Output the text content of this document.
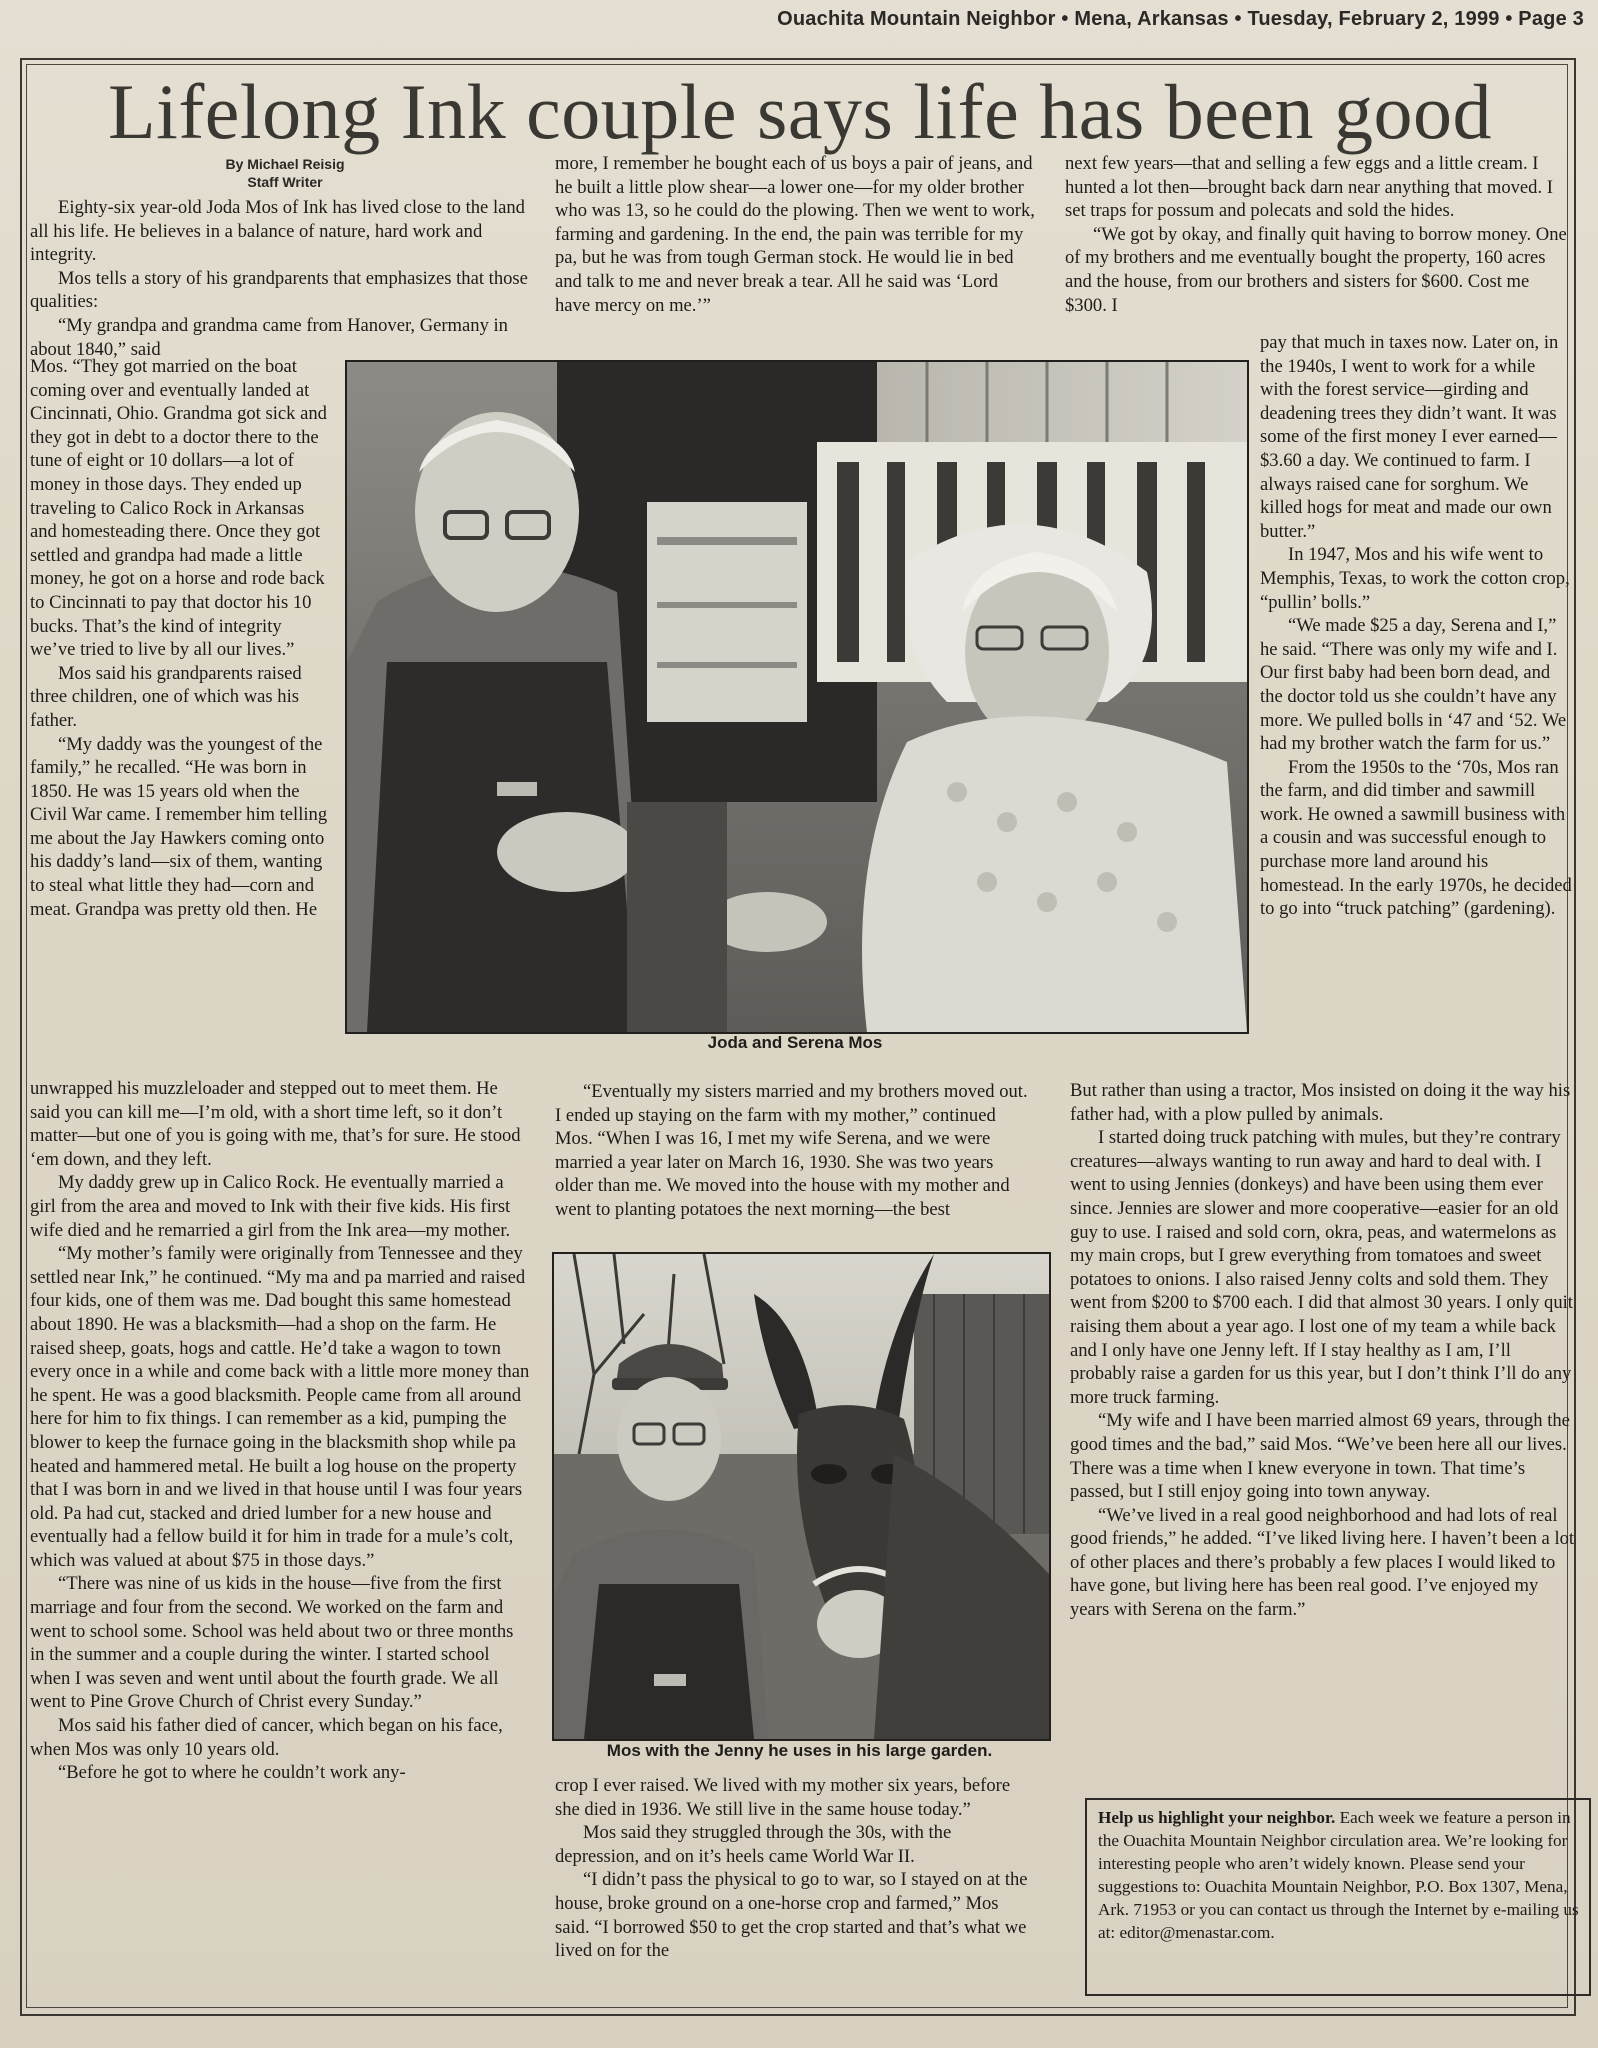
Ouachita Mountain Neighbor • Mena, Arkansas • Tuesday, February 2, 1999 • Page 3
Lifelong Ink couple says life has been good
By Michael Reisig
Staff Writer

Eighty-six year-old Joda Mos of Ink has lived close to the land all his life. He believes in a balance of nature, hard work and integrity.

Mos tells a story of his grandparents that emphasizes that those qualities:

“My grandpa and grandma came from Hanover, Germany in about 1840,” said

Mos. “They got married on the boat coming over and eventually landed at Cincinnati, Ohio. Grandma got sick and they got in debt to a doctor there to the tune of eight or 10 dollars—a lot of money in those days. They ended up traveling to Calico Rock in Arkansas and homesteading there. Once they got settled and grandpa had made a little money, he got on a horse and rode back to Cincinnati to pay that doctor his 10 bucks. That’s the kind of integrity we’ve tried to live by all our lives.”

Mos said his grandparents raised three children, one of which was his father.

“My daddy was the youngest of the family,” he recalled. “He was born in 1850. He was 15 years old when the Civil War came. I remember him telling me about the Jay Hawkers coming onto his daddy’s land—six of them, wanting to steal what little they had—corn and meat. Grandpa was pretty old then. He

unwrapped his muzzleloader and stepped out to meet them. He said you can kill me—I’m old, with a short time left, so it don’t matter—but one of you is going with me, that’s for sure. He stood ‘em down, and they left.

My daddy grew up in Calico Rock. He eventually married a girl from the area and moved to Ink with their five kids. His first wife died and he remarried a girl from the Ink area—my mother.

“My mother’s family were originally from Tennessee and they settled near Ink,” he continued. “My ma and pa married and raised four kids, one of them was me. Dad bought this same homestead about 1890. He was a blacksmith—had a shop on the farm. He raised sheep, goats, hogs and cattle. He’d take a wagon to town every once in a while and come back with a little more money than he spent. He was a good blacksmith. People came from all around here for him to fix things. I can remember as a kid, pumping the blower to keep the furnace going in the blacksmith shop while pa heated and hammered metal. He built a log house on the property that I was born in and we lived in that house until I was four years old. Pa had cut, stacked and dried lumber for a new house and eventually had a fellow build it for him in trade for a mule’s colt, which was valued at about $75 in those days.”

“There was nine of us kids in the house—five from the first marriage and four from the second. We worked on the farm and went to school some. School was held about two or three months in the summer and a couple during the winter. I started school when I was seven and went until about the fourth grade. We all went to Pine Grove Church of Christ every Sunday.”

Mos said his father died of cancer, which began on his face, when Mos was only 10 years old.

“Before he got to where he couldn’t work any-

more, I remember he bought each of us boys a pair of jeans, and he built a little plow shear—a lower one—for my older brother who was 13, so he could do the plowing. Then we went to work, farming and gardening. In the end, the pain was terrible for my pa, but he was from tough German stock. He would lie in bed and talk to me and never break a tear. All he said was ‘Lord have mercy on me.’”

“Eventually my sisters married and my brothers moved out. I ended up staying on the farm with my mother,” continued Mos. “When I was 16, I met my wife Serena, and we were married a year later on March 16, 1930. She was two years older than me. We moved into the house with my mother and went to planting potatoes the next morning—the best

crop I ever raised. We lived with my mother six years, before she died in 1936. We still live in the same house today.”

Mos said they struggled through the 30s, with the depression, and on it’s heels came World War II.

“I didn’t pass the physical to go to war, so I stayed on at the house, broke ground on a one-horse crop and farmed,” Mos said. “I borrowed $50 to get the crop started and that’s what we lived on for the

next few years—that and selling a few eggs and a little cream. I hunted a lot then—brought back darn near anything that moved. I set traps for possum and polecats and sold the hides.

“We got by okay, and finally quit having to borrow money. One of my brothers and me eventually bought the property, 160 acres and the house, from our brothers and sisters for $600. Cost me $300. I

pay that much in taxes now. Later on, in the 1940s, I went to work for a while with the forest service—girding and deadening trees they didn’t want. It was some of the first money I ever earned—$3.60 a day. We continued to farm. I always raised cane for sorghum. We killed hogs for meat and made our own butter.”

In 1947, Mos and his wife went to Memphis, Texas, to work the cotton crop, “pullin’ bolls.”

“We made $25 a day, Serena and I,” he said. “There was only my wife and I. Our first baby had been born dead, and the doctor told us she couldn’t have any more. We pulled bolls in ‘47 and ‘52. We had my brother watch the farm for us.”

From the 1950s to the ‘70s, Mos ran the farm, and did timber and sawmill work. He owned a sawmill business with a cousin and was successful enough to purchase more land around his homestead. In the early 1970s, he decided to go into “truck patching” (gardening).

But rather than using a tractor, Mos insisted on doing it the way his father had, with a plow pulled by animals.

I started doing truck patching with mules, but they’re contrary creatures—always wanting to run away and hard to deal with. I went to using Jennies (donkeys) and have been using them ever since. Jennies are slower and more cooperative—easier for an old guy to use. I raised and sold corn, okra, peas, and watermelons as my main crops, but I grew everything from tomatoes and sweet potatoes to onions. I also raised Jenny colts and sold them. They went from $200 to $700 each. I did that almost 30 years. I only quit raising them about a year ago. I lost one of my team a while back and I only have one Jenny left. If I stay healthy as I am, I’ll probably raise a garden for us this year, but I don’t think I’ll do any more truck farming.

“My wife and I have been married almost 69 years, through the good times and the bad,” said Mos. “We’ve been here all our lives. There was a time when I knew everyone in town. That time’s passed, but I still enjoy going into town anyway.

“We’ve lived in a real good neighborhood and had lots of real good friends,” he added. “I’ve liked living here. I haven’t been a lot of other places and there’s probably a few places I would liked to have gone, but living here has been real good. I’ve enjoyed my years with Serena on the farm.”

Joda and Serena Mos
Mos with the Jenny he uses in his large garden.
Help us highlight your neighbor. Each week we feature a person in the Ouachita Mountain Neighbor circulation area. We’re looking for interesting people who aren’t widely known. Please send your suggestions to: Ouachita Mountain Neighbor, P.O. Box 1307, Mena, Ark. 71953 or you can contact us through the Internet by e-mailing us at: editor@menastar.com.
